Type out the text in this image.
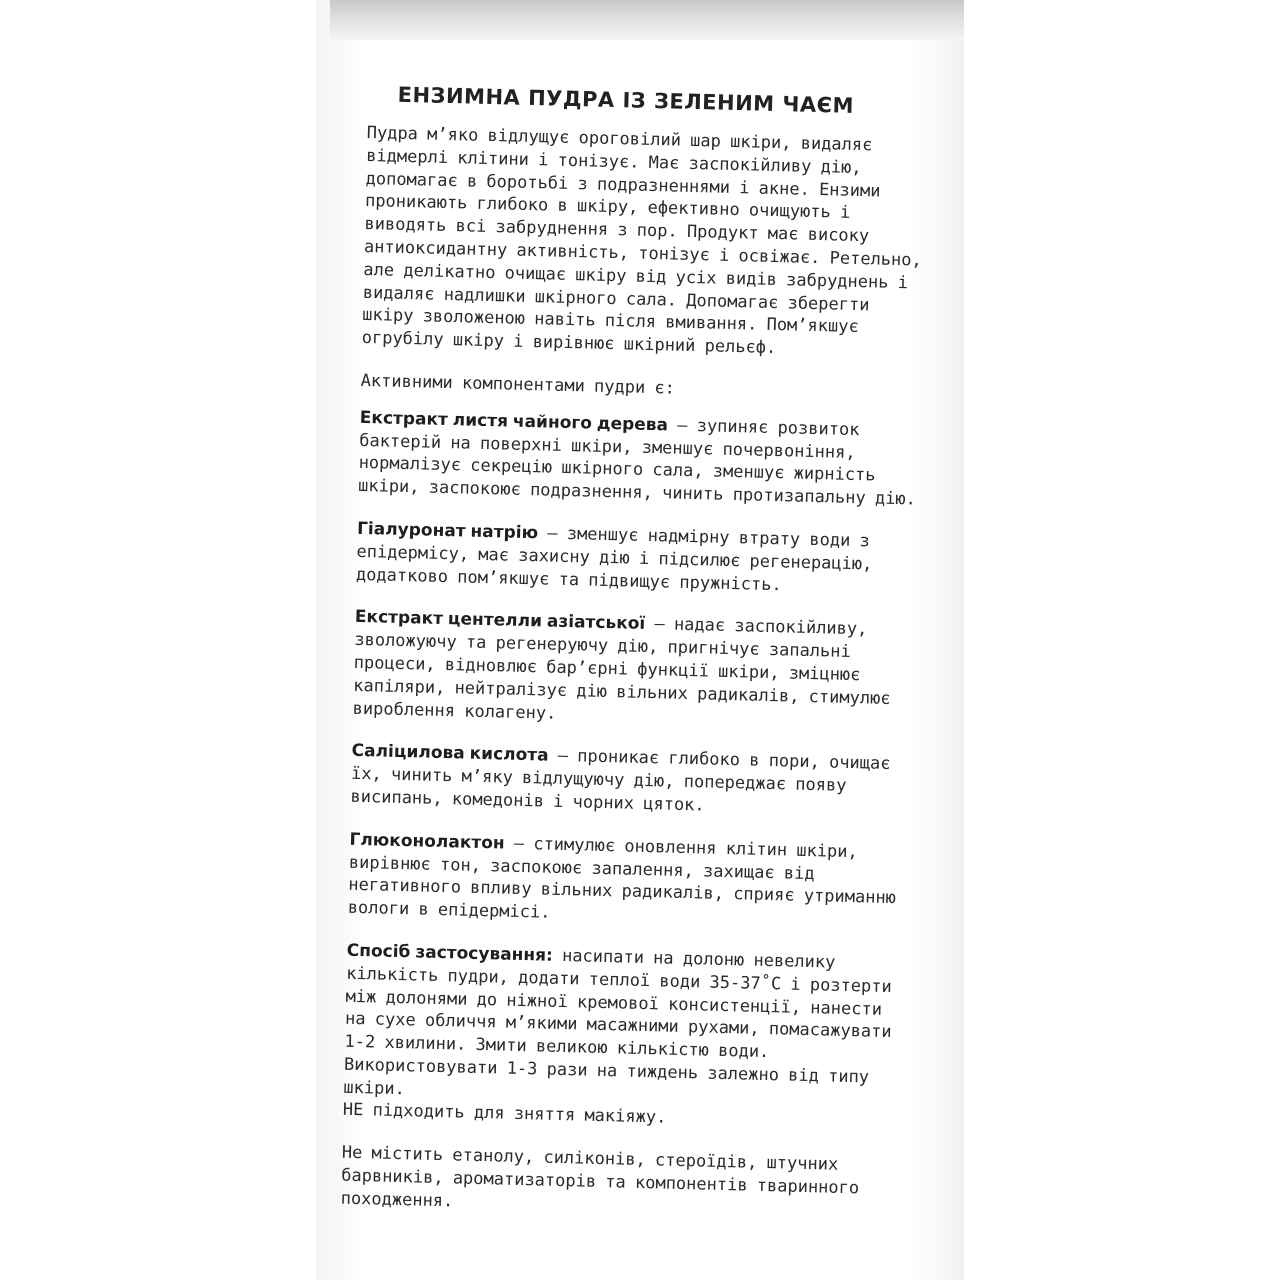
ЕНЗИМНА ПУДРА ІЗ ЗЕЛЕНИМ ЧАЄМ

Пудра м’яко відлущує ороговілий шар шкіри, видаляє відмерлі клітини і тонізує. Має заспокійливу дію, допомагає в боротьбі з подразненнями і акне. Ензими проникають глибоко в шкіру, ефективно очищують і виводять всі забруднення з пор. Продукт має високу антиоксидантну активність, тонізує і освіжає. Ретельно, але делікатно очищає шкіру від усіх видів забруднень і видаляє надлишки шкірного сала. Допомагає зберегти шкіру зволоженою навіть після вмивання. Пом’якшує огрубілу шкіру і вирівнює шкірний рельєф.

Активними компонентами пудри є:

Екстракт листя чайного дерева – зупиняє розвиток бактерій на поверхні шкіри, зменшує почервоніння, нормалізує секрецію шкірного сала, зменшує жирність шкіри, заспокоює подразнення, чинить протизапальну дію.

Гіалуронат натрію – зменшує надмірну втрату води з епідермісу, має захисну дію і підсилює регенерацію, додатково пом’якшує та підвищує пружність.

Екстракт центелли азіатської – надає заспокійливу, зволожуючу та регенеруючу дію, пригнічує запальні процеси, відновлює бар’єрні функції шкіри, зміцнює капіляри, нейтралізує дію вільних радикалів, стимулює вироблення колагену.

Саліцилова кислота – проникає глибоко в пори, очищає їх, чинить м’яку відлущуючу дію, попереджає появу висипань, комедонів і чорних цяток.

Глюконолактон – стимулює оновлення клітин шкіри, вирівнює тон, заспокоює запалення, захищає від негативного впливу вільних радикалів, сприяє утриманню вологи в епідермісі.

Спосіб застосування: насипати на долоню невелику кількість пудри, додати теплої води 35-37˚С і розтерти між долонями до ніжної кремової консистенції, нанести на сухе обличчя м’якими масажними рухами, помасажувати 1-2 хвилини. Змити великою кількістю води. Використовувати 1-3 рази на тиждень залежно від типу шкіри.
НЕ підходить для зняття макіяжу.

Не містить етанолу, силіконів, стероїдів, штучних барвників, ароматизаторів та компонентів тваринного походження.
